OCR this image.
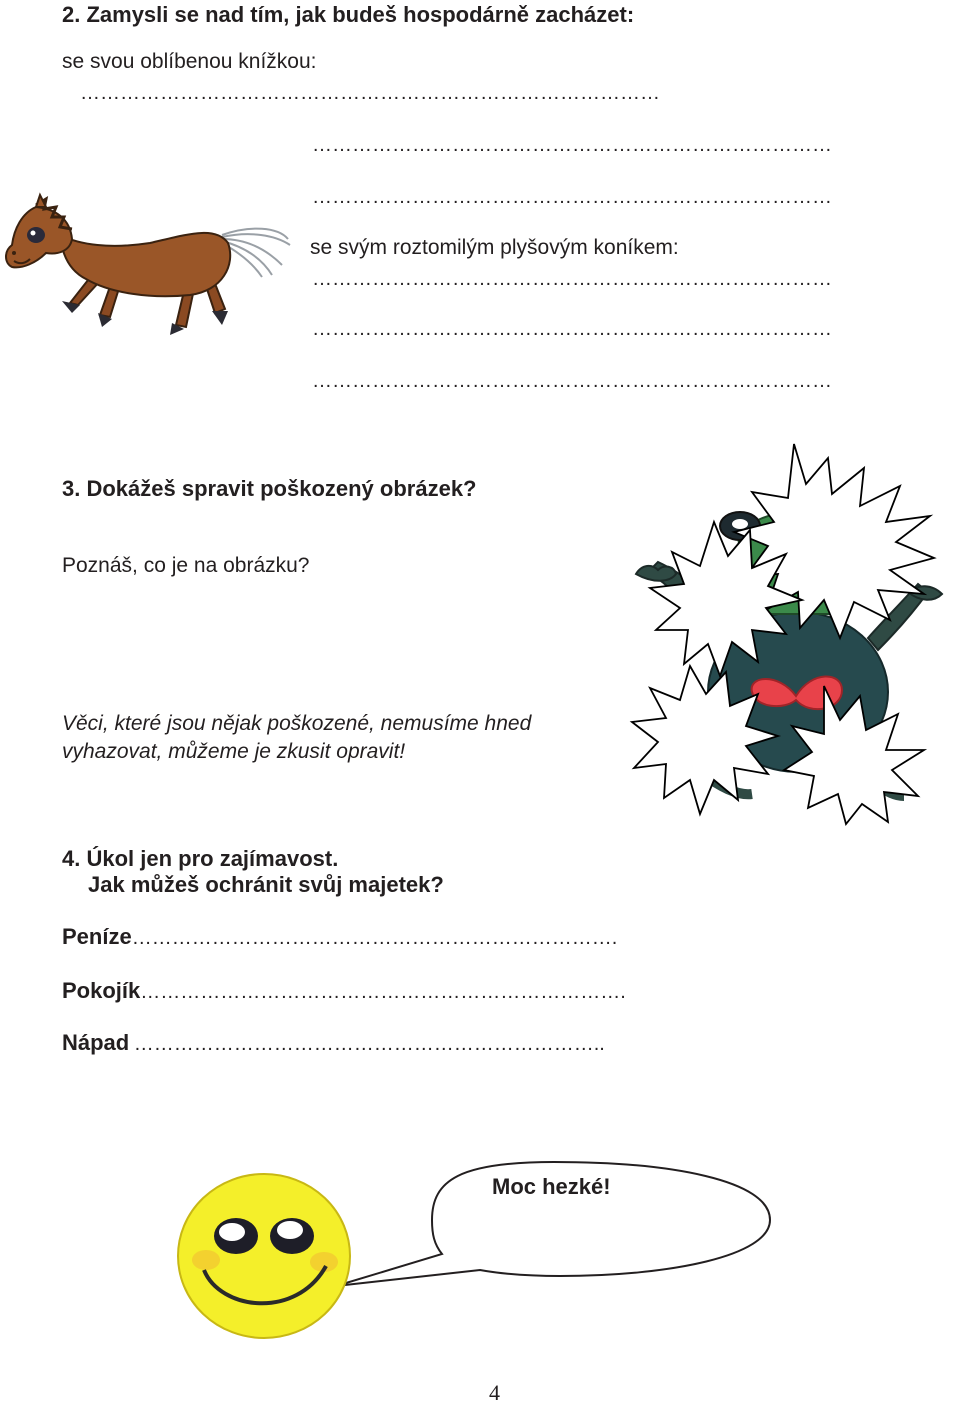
2. Zamysli se nad tím, jak budeš hospodárně zacházet:
se svou oblíbenou knížkou:
……………………………………………………………………………
……………………………………………………………………
……………………………………………………………………
se svým roztomilým plyšovým koníkem:
……………………………………………………………………
……………………………………………………………………
……………………………………………………………………
3. Dokážeš spravit poškozený obrázek?
Poznáš, co je na obrázku?
Věci, které jsou nějak poškozené, nemusíme hned
vyhazovat, můžeme je zkusit opravit!
4. Úkol jen pro zajímavost.
Jak můžeš ochránit svůj majetek?
Peníze……………………………………………………………….
Pokojík……………………………………………………………….
Nápad ……………………………………………………………..
Moc hezké!
4
